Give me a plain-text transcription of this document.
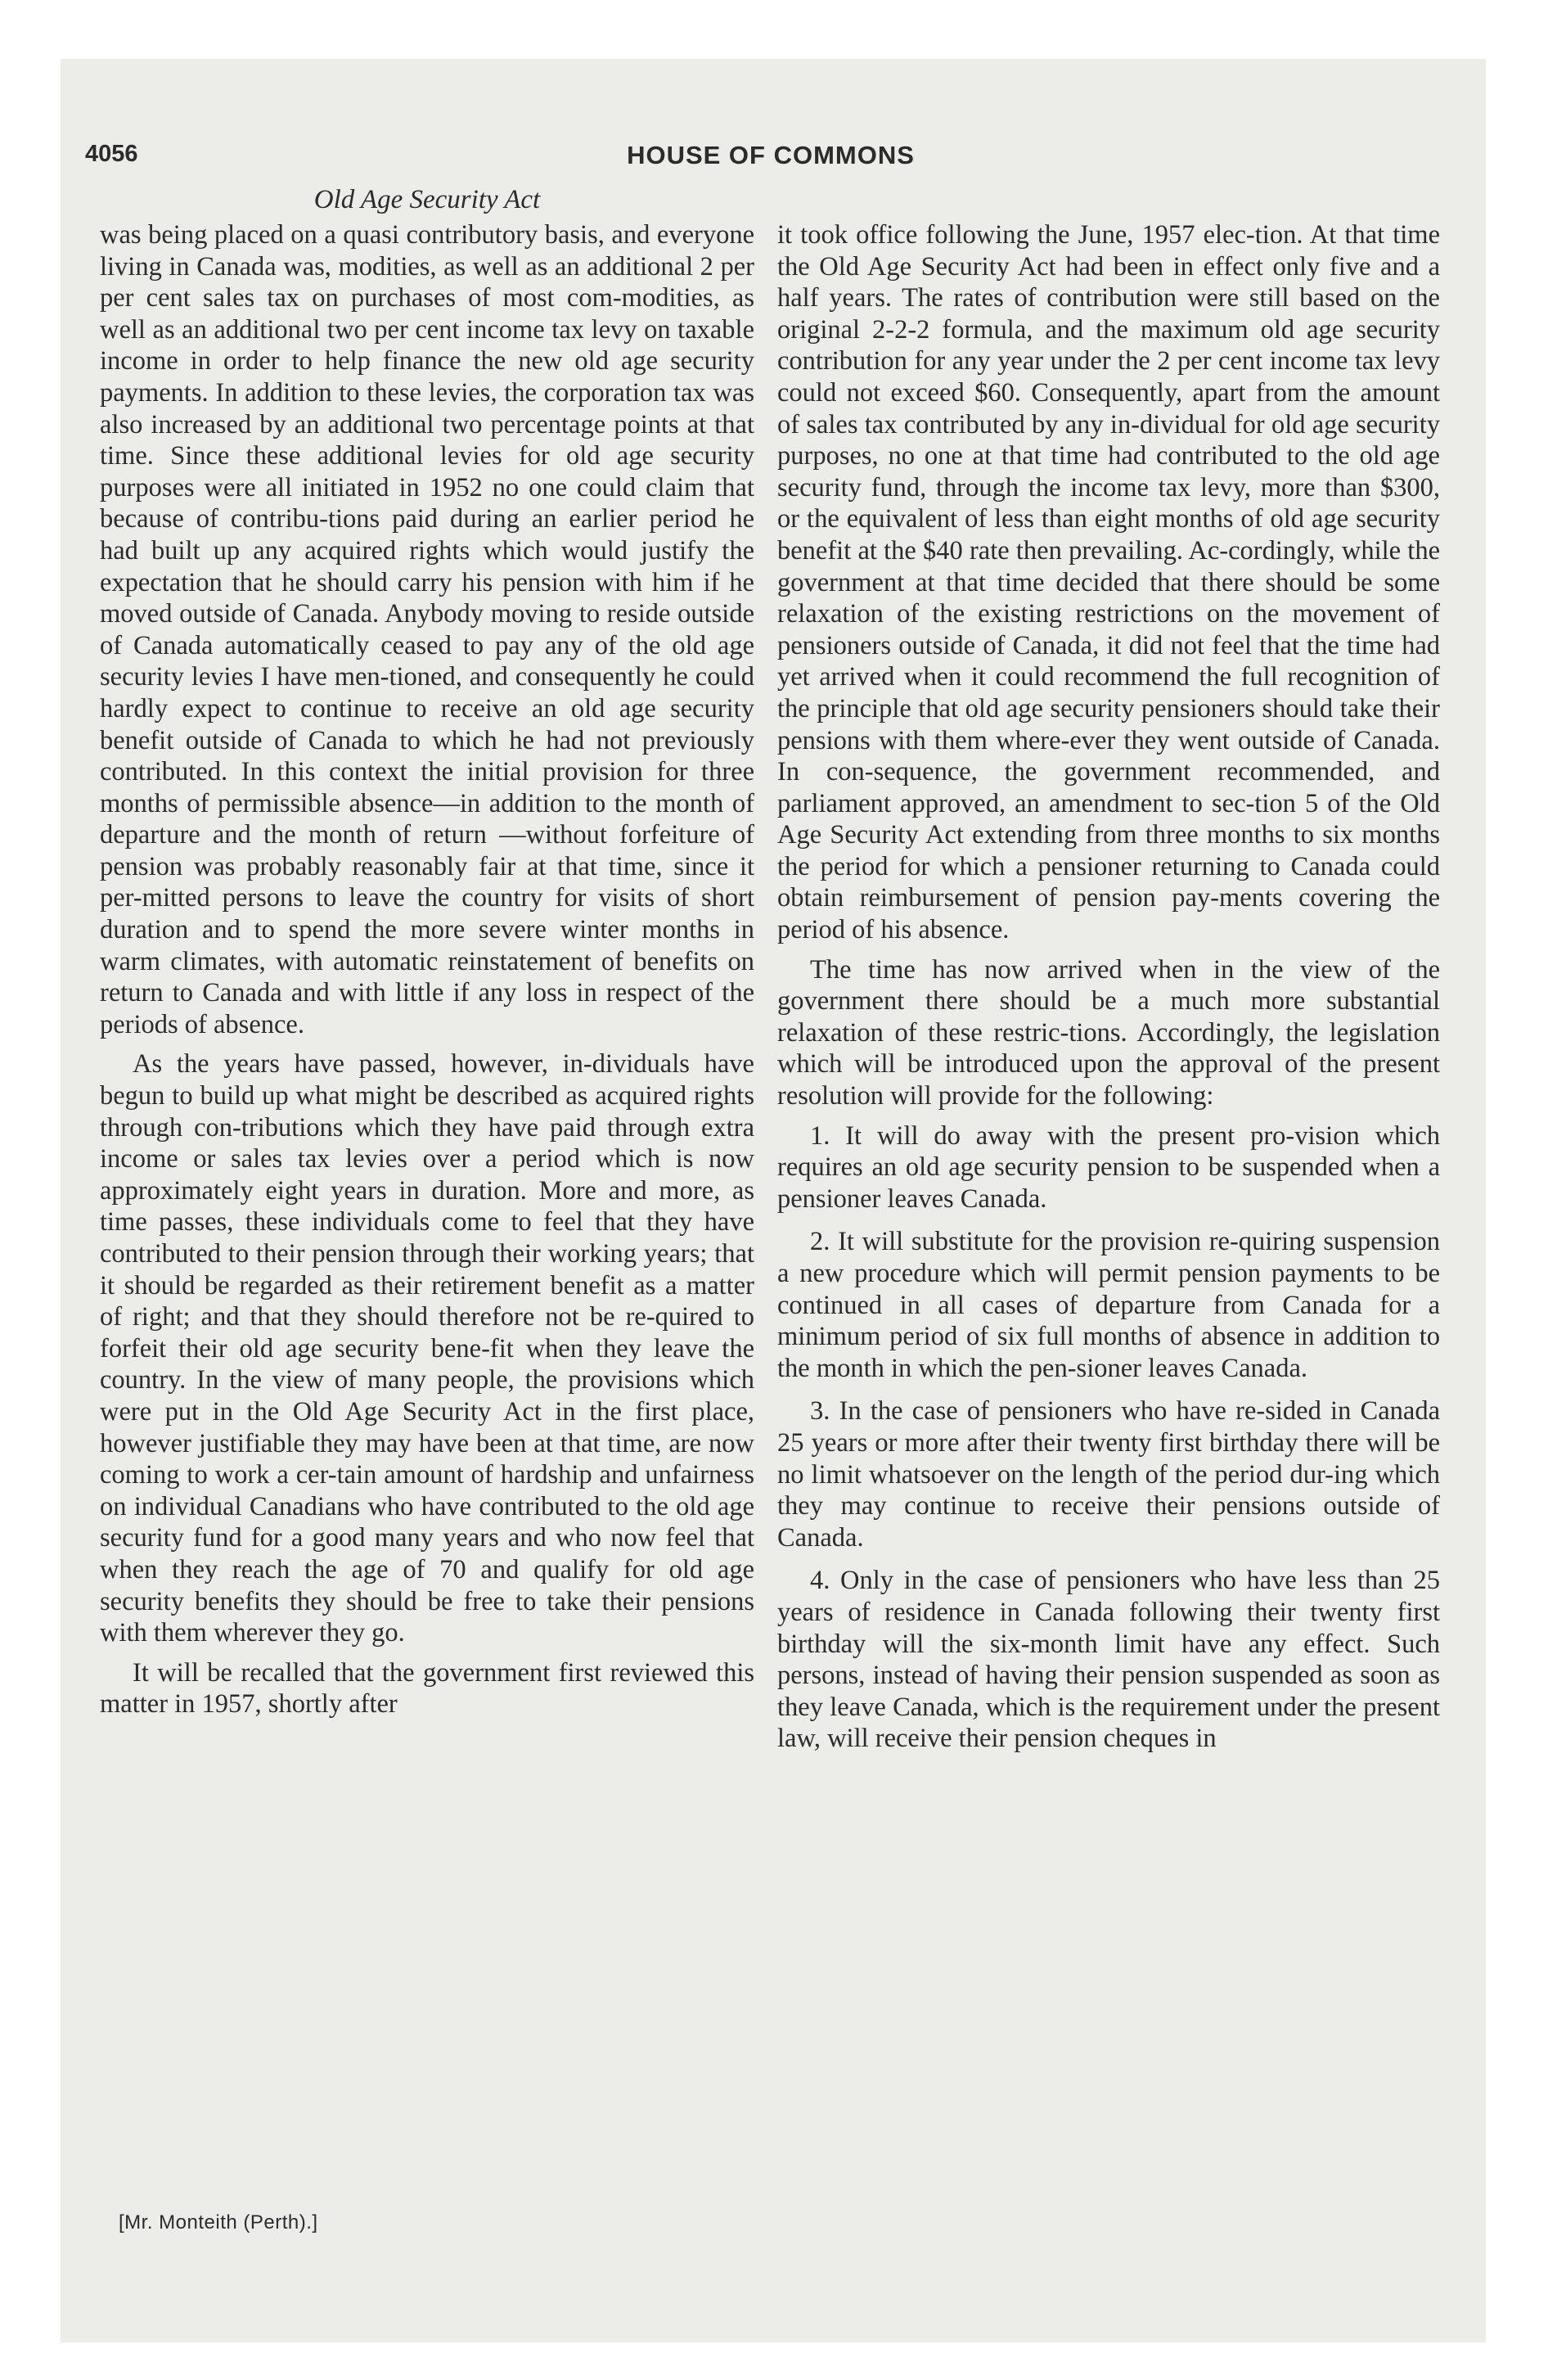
4056	HOUSE OF COMMONS
Old Age Security Act

was being placed on a quasi contributory basis, and everyone living in Canada was, modities, as well as an additional 2 per per cent sales tax on purchases of most com-modities, as well as an additional two per cent income tax levy on taxable income in order to help finance the new old age security payments. In addition to these levies, the corporation tax was also increased by an additional two percentage points at that time. Since these additional levies for old age security purposes were all initiated in 1952 no one could claim that because of contribu-tions paid during an earlier period he had built up any acquired rights which would justify the expectation that he should carry his pension with him if he moved outside of Canada. Anybody moving to reside outside of Canada automatically ceased to pay any of the old age security levies I have men-tioned, and consequently he could hardly expect to continue to receive an old age security benefit outside of Canada to which he had not previously contributed. In this context the initial provision for three months of permissible absence—in addition to the month of departure and the month of return —without forfeiture of pension was probably reasonably fair at that time, since it per-mitted persons to leave the country for visits of short duration and to spend the more severe winter months in warm climates, with automatic reinstatement of benefits on return to Canada and with little if any loss in respect of the periods of absence.

As the years have passed, however, in-dividuals have begun to build up what might be described as acquired rights through con-tributions which they have paid through extra income or sales tax levies over a period which is now approximately eight years in duration. More and more, as time passes, these individuals come to feel that they have contributed to their pension through their working years; that it should be regarded as their retirement benefit as a matter of right; and that they should therefore not be re-quired to forfeit their old age security bene-fit when they leave the country. In the view of many people, the provisions which were put in the Old Age Security Act in the first place, however justifiable they may have been at that time, are now coming to work a cer-tain amount of hardship and unfairness on individual Canadians who have contributed to the old age security fund for a good many years and who now feel that when they reach the age of 70 and qualify for old age security benefits they should be free to take their pensions with them wherever they go.

It will be recalled that the government first reviewed this matter in 1957, shortly after

it took office following the June, 1957 elec-tion. At that time the Old Age Security Act had been in effect only five and a half years. The rates of contribution were still based on the original 2-2-2 formula, and the maximum old age security contribution for any year under the 2 per cent income tax levy could not exceed $60. Consequently, apart from the amount of sales tax contributed by any in-dividual for old age security purposes, no one at that time had contributed to the old age security fund, through the income tax levy, more than $300, or the equivalent of less than eight months of old age security benefit at the $40 rate then prevailing. Ac-cordingly, while the government at that time decided that there should be some relaxation of the existing restrictions on the movement of pensioners outside of Canada, it did not feel that the time had yet arrived when it could recommend the full recognition of the principle that old age security pensioners should take their pensions with them where-ever they went outside of Canada. In con-sequence, the government recommended, and parliament approved, an amendment to sec-tion 5 of the Old Age Security Act extending from three months to six months the period for which a pensioner returning to Canada could obtain reimbursement of pension pay-ments covering the period of his absence.

The time has now arrived when in the view of the government there should be a much more substantial relaxation of these restric-tions. Accordingly, the legislation which will be introduced upon the approval of the present resolution will provide for the following:

1. It will do away with the present pro-vision which requires an old age security pension to be suspended when a pensioner leaves Canada.

2. It will substitute for the provision re-quiring suspension a new procedure which will permit pension payments to be continued in all cases of departure from Canada for a minimum period of six full months of absence in addition to the month in which the pen-sioner leaves Canada.

3. In the case of pensioners who have re-sided in Canada 25 years or more after their twenty first birthday there will be no limit whatsoever on the length of the period dur-ing which they may continue to receive their pensions outside of Canada.

4. Only in the case of pensioners who have less than 25 years of residence in Canada following their twenty first birthday will the six-month limit have any effect. Such persons, instead of having their pension suspended as soon as they leave Canada, which is the requirement under the present law, will receive their pension cheques in

[Mr. Monteith (Perth).]
